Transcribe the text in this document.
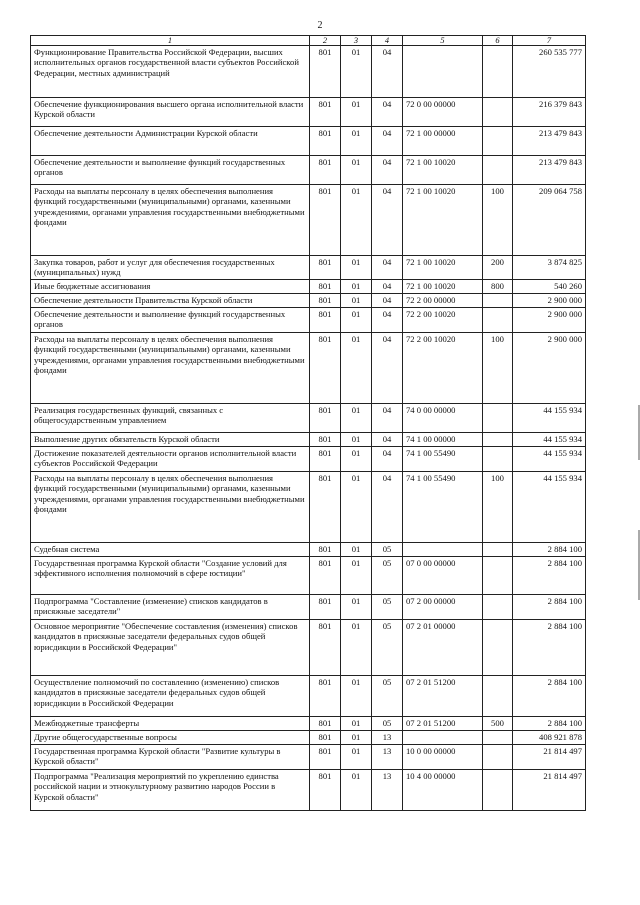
2
1	2	3	4	5	6	7
Функционирование Правительства Российской Федерации, высших исполнительных органов государственной власти субъектов Российской Федерации, местных администраций	801	01	04			260 535 777
Обеспечение функционирования высшего органа исполнительной власти Курской области	801	01	04	72 0 00 00000		216 379 843
Обеспечение деятельности Администрации Курской области	801	01	04	72 1 00 00000		213 479 843
Обеспечение деятельности и выполнение функций государственных органов	801	01	04	72 1 00 10020		213 479 843
Расходы на выплаты персоналу в целях обеспечения выполнения функций государственными (муниципальными) органами, казенными учреждениями, органами управления государственными внебюджетными фондами	801	01	04	72 1 00 10020	100	209 064 758
Закупка товаров, работ и услуг для обеспечения государственных (муниципальных) нужд	801	01	04	72 1 00 10020	200	3 874 825
Иные бюджетные ассигнования	801	01	04	72 1 00 10020	800	540 260
Обеспечение деятельности Правительства Курской области	801	01	04	72 2 00 00000		2 900 000
Обеспечение деятельности и выполнение функций государственных органов	801	01	04	72 2 00 10020		2 900 000
Расходы на выплаты персоналу в целях обеспечения выполнения функций государственными (муниципальными) органами, казенными учреждениями, органами управления государственными внебюджетными фондами	801	01	04	72 2 00 10020	100	2 900 000
Реализация государственных функций, связанных с общегосударственным управлением	801	01	04	74 0 00 00000		44 155 934
Выполнение других обязательств Курской области	801	01	04	74 1 00 00000		44 155 934
Достижение показателей деятельности органов исполнительной власти субъектов Российской Федерации	801	01	04	74 1 00 55490		44 155 934
Расходы на выплаты персоналу в целях обеспечения выполнения функций государственными (муниципальными) органами, казенными учреждениями, органами управления государственными внебюджетными фондами	801	01	04	74 1 00 55490	100	44 155 934
Судебная система	801	01	05			2 884 100
Государственная программа Курской области "Создание условий для эффективного исполнения полномочий в сфере юстиции"	801	01	05	07 0 00 00000		2 884 100
Подпрограмма "Составление (изменение) списков кандидатов в присяжные заседатели"	801	01	05	07 2 00 00000		2 884 100
Основное мероприятие "Обеспечение составления (изменения) списков кандидатов в присяжные заседатели федеральных судов общей юрисдикции в Российской Федерации"	801	01	05	07 2 01 00000		2 884 100
Осуществление полномочий по составлению (изменению) списков кандидатов в присяжные заседатели федеральных судов общей юрисдикции в Российской Федерации	801	01	05	07 2 01 51200		2 884 100
Межбюджетные трансферты	801	01	05	07 2 01 51200	500	2 884 100
Другие общегосударственные вопросы	801	01	13			408 921 878
Государственная программа Курской области "Развитие культуры в Курской области"	801	01	13	10 0 00 00000		21 814 497
Подпрограмма "Реализация мероприятий по укреплению единства российской нации и этнокультурному развитию народов России в Курской области"	801	01	13	10 4 00 00000		21 814 497
